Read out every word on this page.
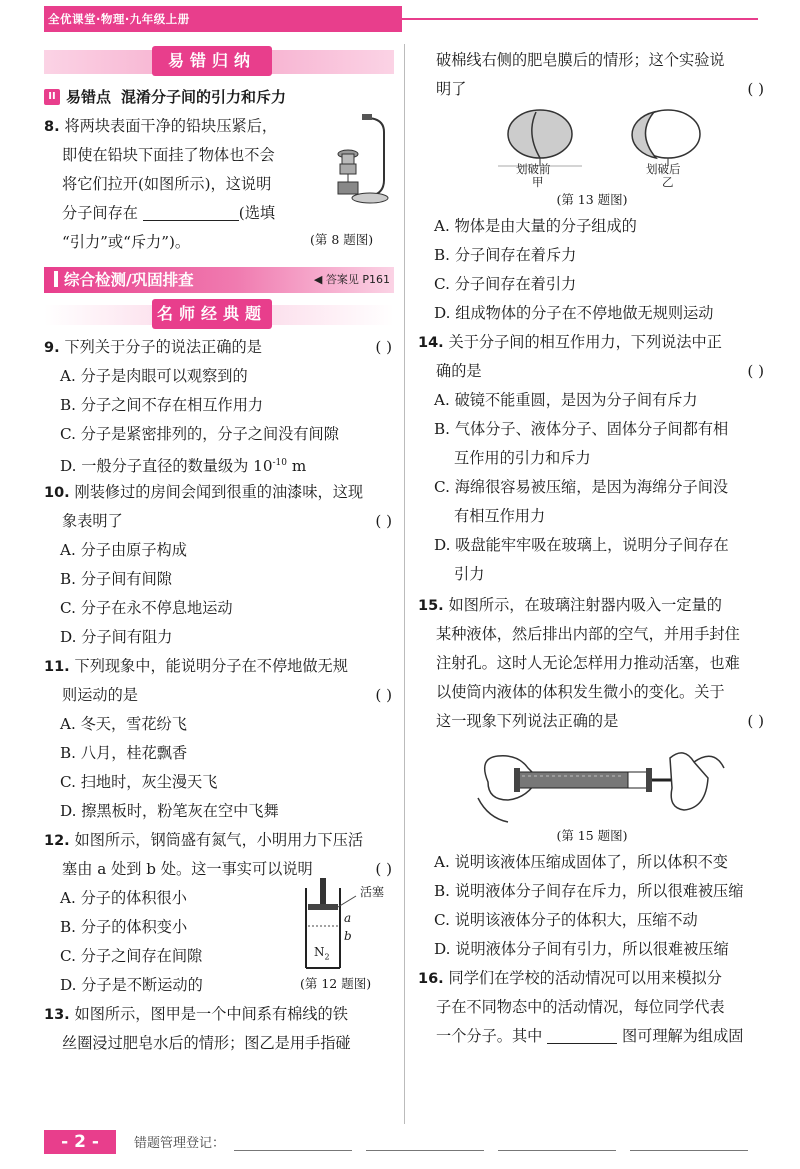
全优课堂·物理·九年级上册
易错归纳
II 易错点 混淆分子间的引力和斥力
8. 将两块表面干净的铅块压紧后，
即使在铅块下面挂了物体也不会
将它们拉开(如图所示)，这说明
分子间存在	(选填
“引力”或“斥力”)。	(第 8 题图)
综合检测/巩固排查	◀ 答案见 P161
名师经典题
9. 下列关于分子的说法正确的是	( )
A. 分子是肉眼可以观察到的
B. 分子之间不存在相互作用力
C. 分子是紧密排列的，分子之间没有间隙
D. 一般分子直径的数量级为 $10^{-10}$ m
10. 刚装修过的房间会闻到很重的油漆味，这现
象表明了	( )
A. 分子由原子构成
B. 分子间有间隙
C. 分子在永不停息地运动
D. 分子间有阻力
11. 下列现象中，能说明分子在不停地做无规
则运动的是	( )
A. 冬天，雪花纷飞
B. 八月，桂花飘香
C. 扫地时，灰尘漫天飞
D. 擦黑板时，粉笔灰在空中飞舞
12. 如图所示，钢筒盛有氮气，小明用力下压活
塞由 a 处到 b 处。这一事实可以说明	( )
A. 分子的体积很小
B. 分子的体积变小
C. 分子之间存在间隙
D. 分子是不断运动的
活塞
a
b
$N_2$
(第 12 题图)
13. 如图所示，图甲是一个中间系有棉线的铁
丝圈浸过肥皂水后的情形；图乙是用手指碰
破棉线右侧的肥皂膜后的情形；这个实验说
明了	( )
划破前
甲
划破后
乙
(第 13 题图)
A. 物体是由大量的分子组成的
B. 分子间存在着斥力
C. 分子间存在着引力
D. 组成物体的分子在不停地做无规则运动
14. 关于分子间的相互作用力，下列说法中正
确的是	( )
A. 破镜不能重圆，是因为分子间有斥力
B. 气体分子、液体分子、固体分子间都有相
互作用的引力和斥力
C. 海绵很容易被压缩，是因为海绵分子间没
有相互作用力
D. 吸盘能牢牢吸在玻璃上，说明分子间存在
引力
15. 如图所示，在玻璃注射器内吸入一定量的
某种液体，然后排出内部的空气，并用手封住
注射孔。这时人无论怎样用力推动活塞，也难
以使筒内液体的体积发生微小的变化。关于
这一现象下列说法正确的是	( )
(第 15 题图)
A. 说明该液体压缩成固体了，所以体积不变
B. 说明液体分子间存在斥力，所以很难被压缩
C. 说明该液体分子的体积大，压缩不动
D. 说明液体分子间有引力，所以很难被压缩
16. 同学们在学校的活动情况可以用来模拟分
子在不同物态中的活动情况，每位同学代表
一个分子。其中	图可理解为组成固
- 2 -	错题管理登记：
